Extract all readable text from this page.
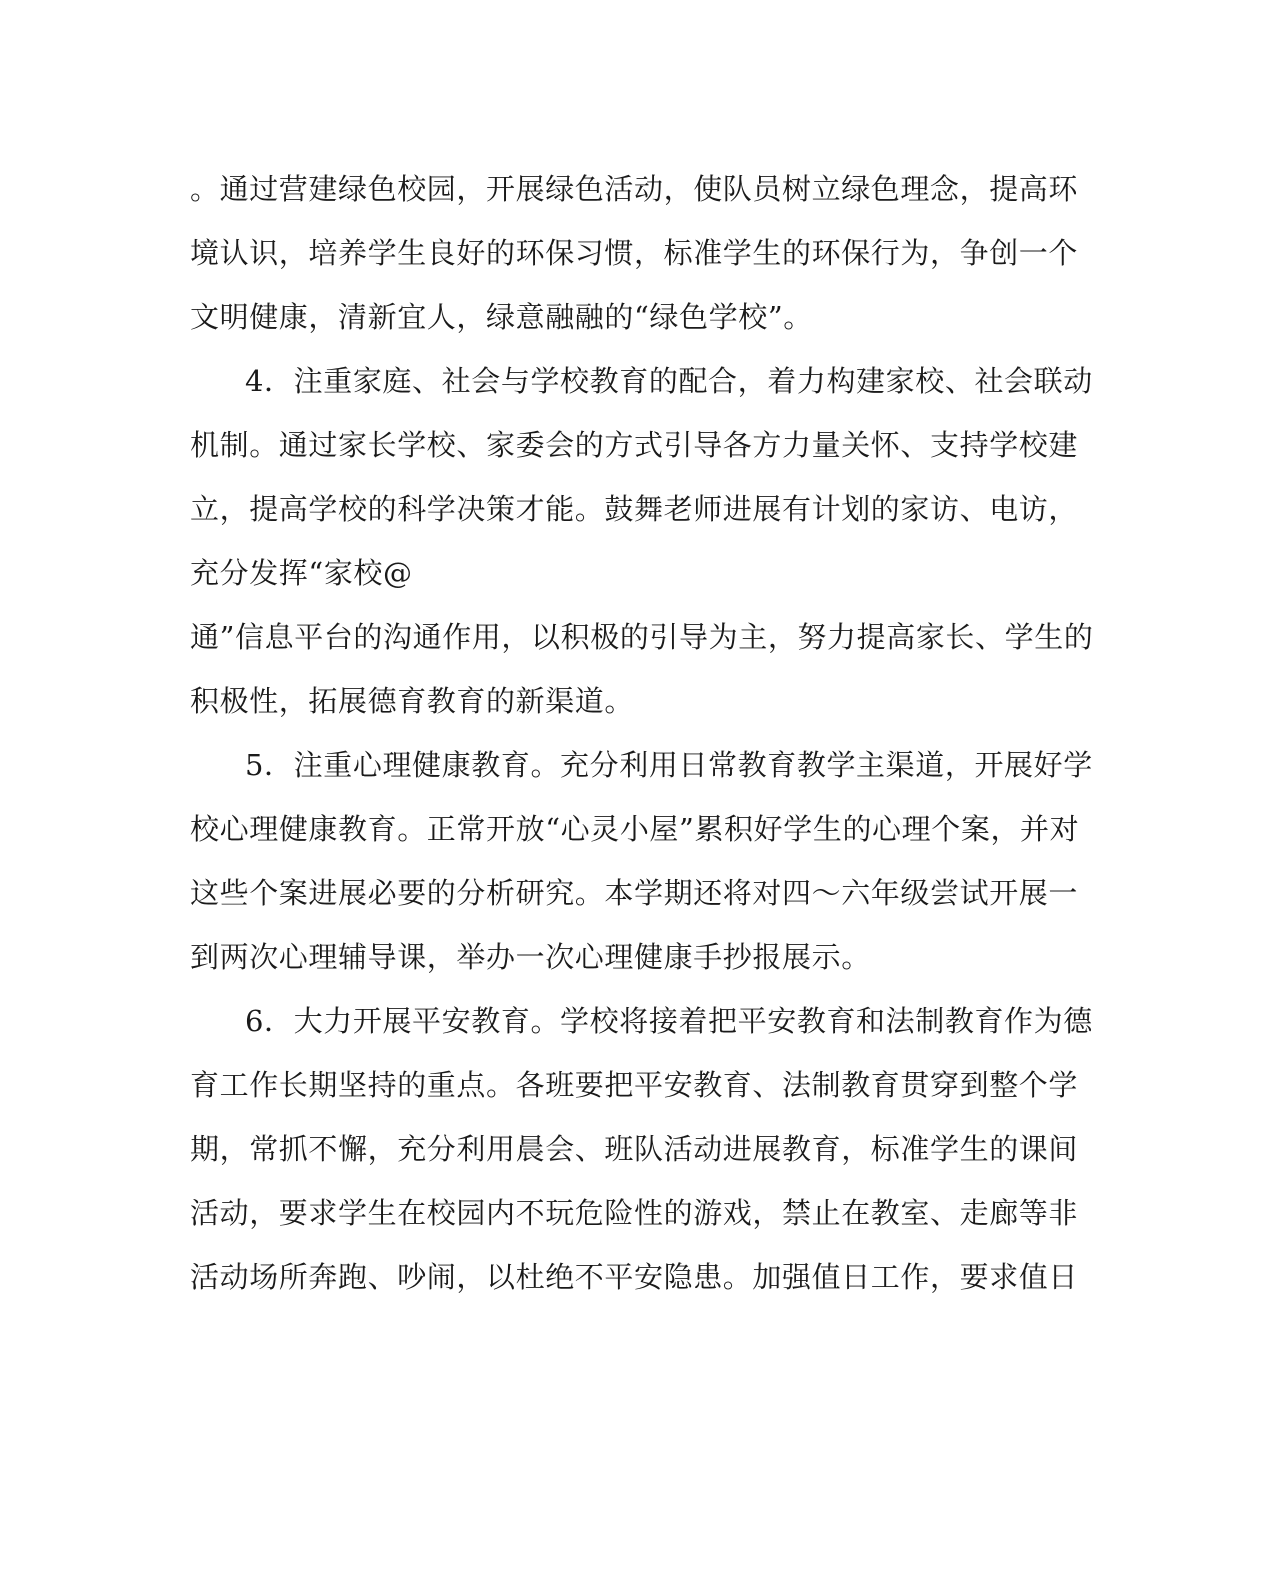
。通过营建绿色校园，开展绿色活动，使队员树立绿色理念，提高环
境认识，培养学生良好的环保习惯，标准学生的环保行为，争创一个
文明健康，清新宜人，绿意融融的“绿色学校”。
4．注重家庭、社会与学校教育的配合，着力构建家校、社会联动
机制。通过家长学校、家委会的方式引导各方力量关怀、支持学校建
立，提高学校的科学决策才能。鼓舞老师进展有计划的家访、电访，
充分发挥“家校@
通”信息平台的沟通作用，以积极的引导为主，努力提高家长、学生的
积极性，拓展德育教育的新渠道。
5．注重心理健康教育。充分利用日常教育教学主渠道，开展好学
校心理健康教育。正常开放“心灵小屋”累积好学生的心理个案，并对
这些个案进展必要的分析研究。本学期还将对四～六年级尝试开展一
到两次心理辅导课，举办一次心理健康手抄报展示。
6．大力开展平安教育。学校将接着把平安教育和法制教育作为德
育工作长期坚持的重点。各班要把平安教育、法制教育贯穿到整个学
期，常抓不懈，充分利用晨会、班队活动进展教育，标准学生的课间
活动，要求学生在校园内不玩危险性的游戏，禁止在教室、走廊等非
活动场所奔跑、吵闹，以杜绝不平安隐患。加强值日工作，要求值日
